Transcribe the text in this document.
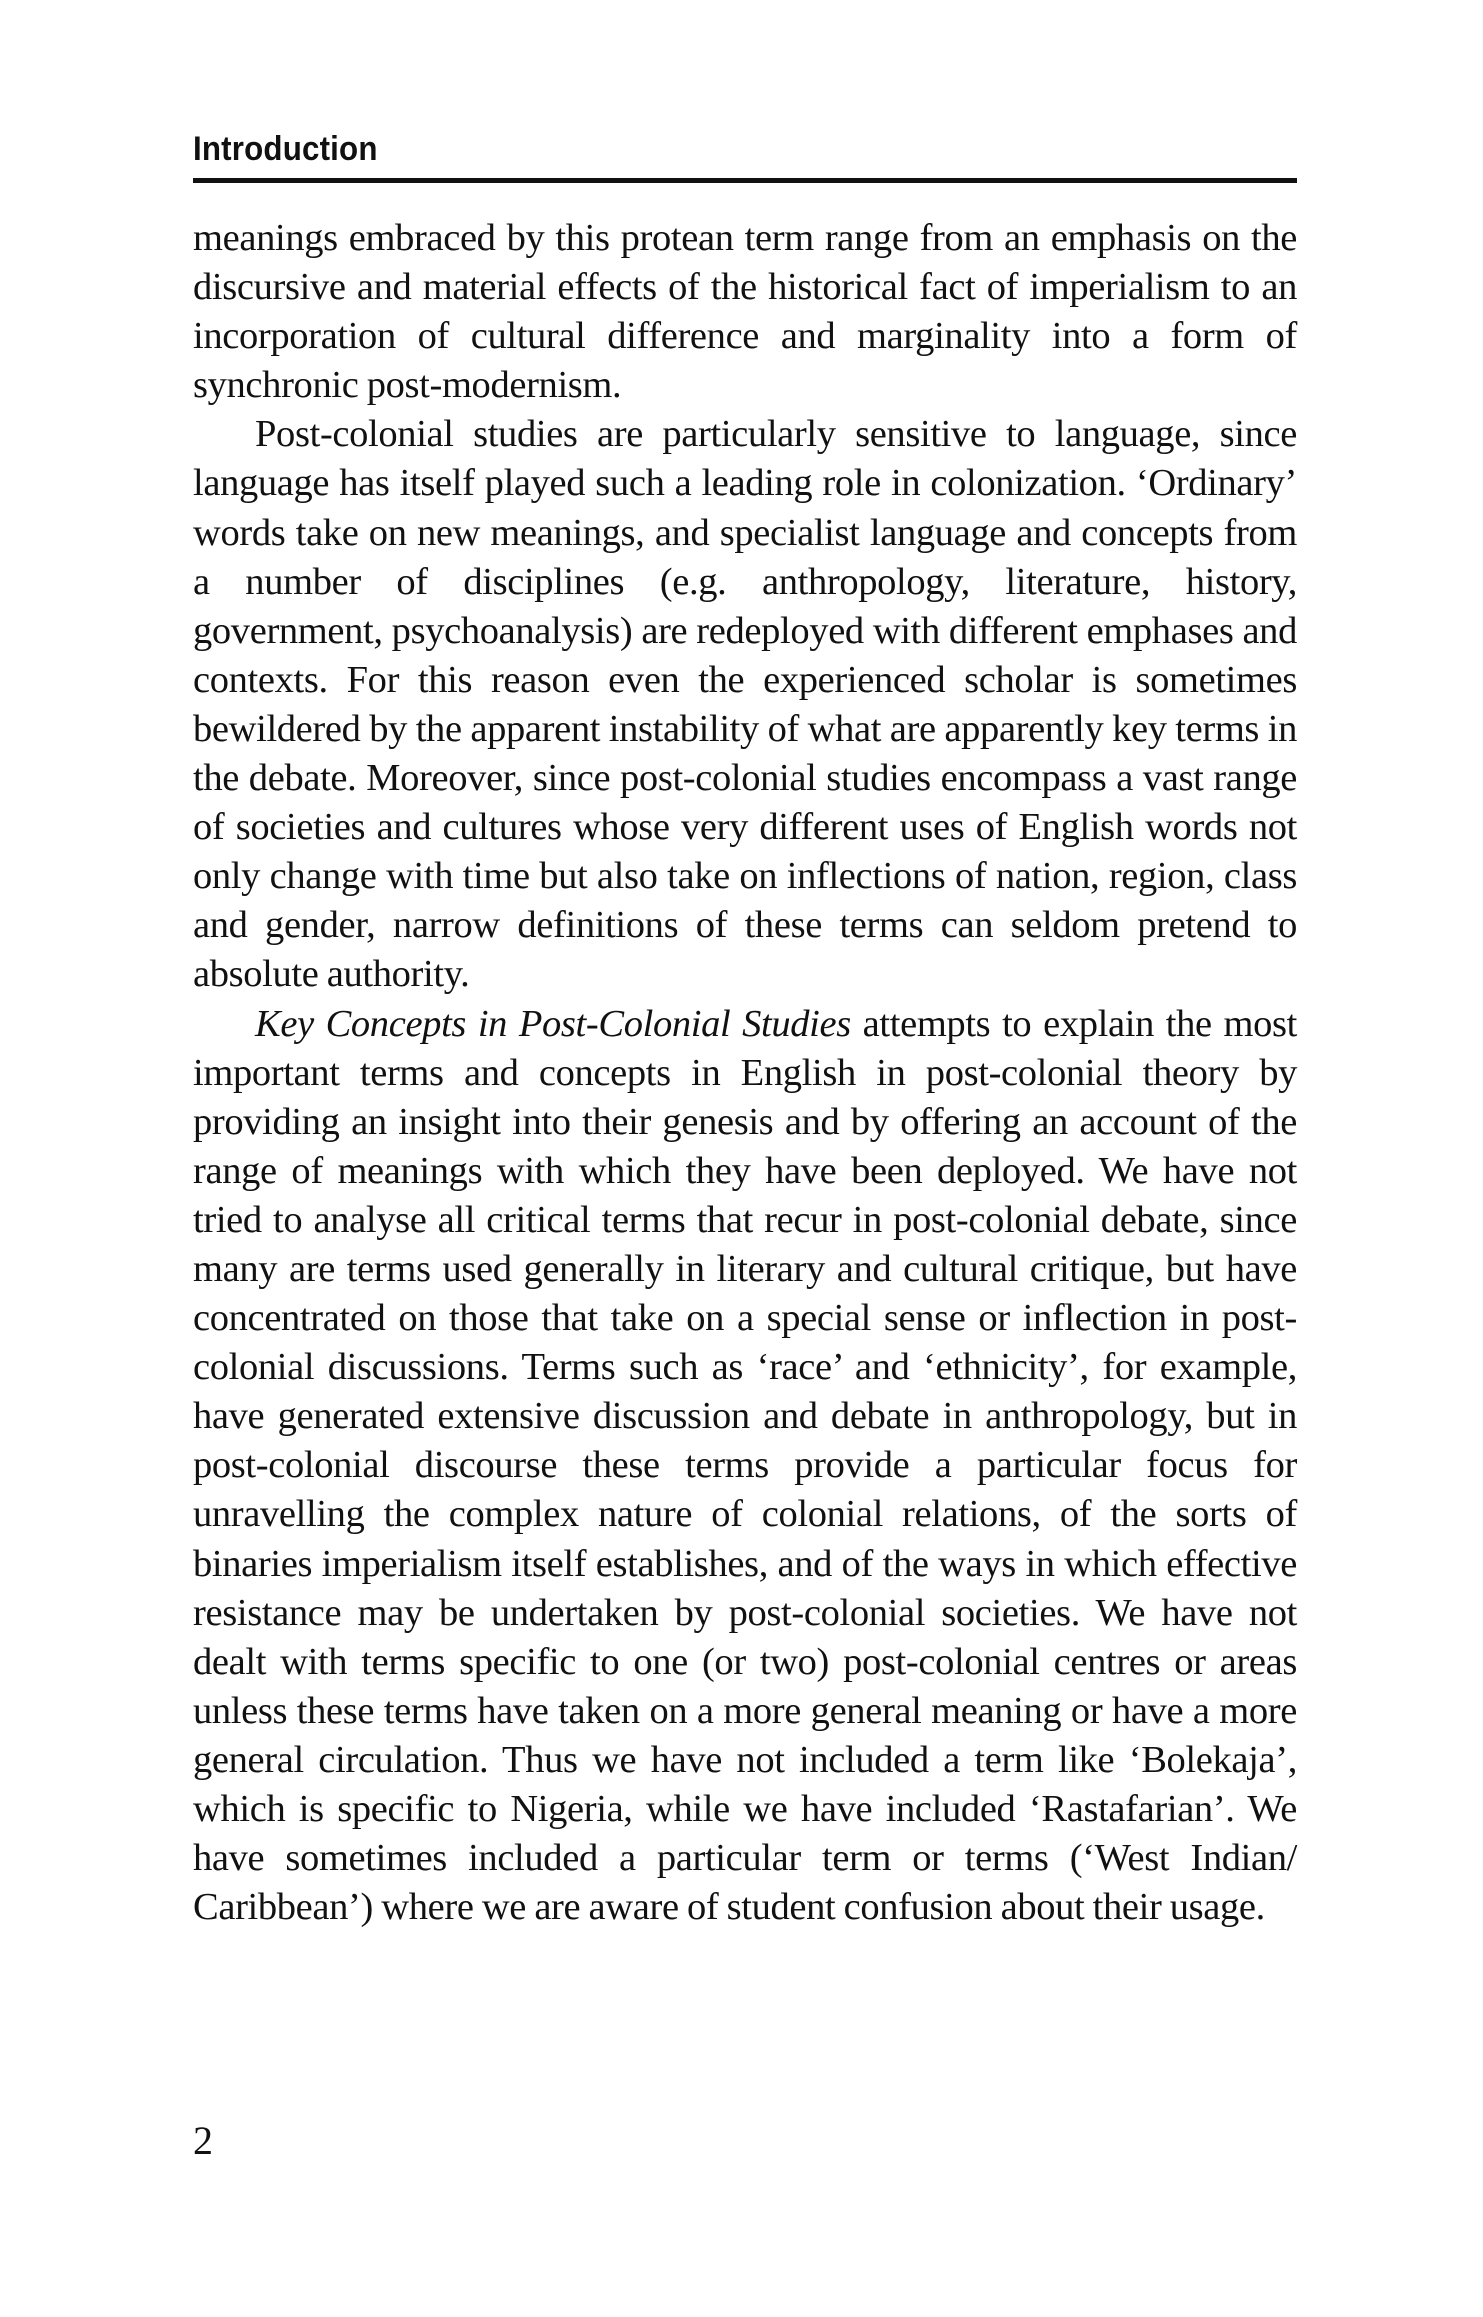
Introduction

meanings embraced by this protean term range from an emphasis on the discursive and material effects of the historical fact of imperialism to an incorporation of cultural difference and marginality into a form of synchronic post-modernism.

Post-colonial studies are particularly sensitive to language, since language has itself played such a leading role in colonization. ‘Ordinary’ words take on new meanings, and specialist language and concepts from a number of disciplines (e.g. anthropology, literature, history, government, psychoanalysis) are redeployed with different emphases and contexts. For this reason even the experienced scholar is sometimes bewildered by the apparent instability of what are apparently key terms in the debate. Moreover, since post-colonial studies encompass a vast range of societies and cultures whose very different uses of English words not only change with time but also take on inflections of nation, region, class and gender, narrow definitions of these terms can seldom pretend to absolute authority.

Key Concepts in Post-Colonial Studies attempts to explain the most important terms and concepts in English in post-colonial theory by providing an insight into their genesis and by offering an account of the range of meanings with which they have been deployed. We have not tried to analyse all critical terms that recur in post-colonial debate, since many are terms used generally in literary and cultural critique, but have concentrated on those that take on a special sense or inflection in post-colonial discussions. Terms such as ‘race’ and ‘ethnicity’, for example, have generated extensive discussion and debate in anthropology, but in post-colonial discourse these terms provide a particular focus for unravelling the complex nature of colonial relations, of the sorts of binaries imperialism itself establishes, and of the ways in which effective resistance may be undertaken by post-colonial societies. We have not dealt with terms specific to one (or two) post-colonial centres or areas unless these terms have taken on a more general meaning or have a more general circulation. Thus we have not included a term like ‘Bolekaja’, which is specific to Nigeria, while we have included ‘Rastafarian’. We have sometimes included a particular term or terms (‘West Indian/ Caribbean’) where we are aware of student confusion about their usage.

2
